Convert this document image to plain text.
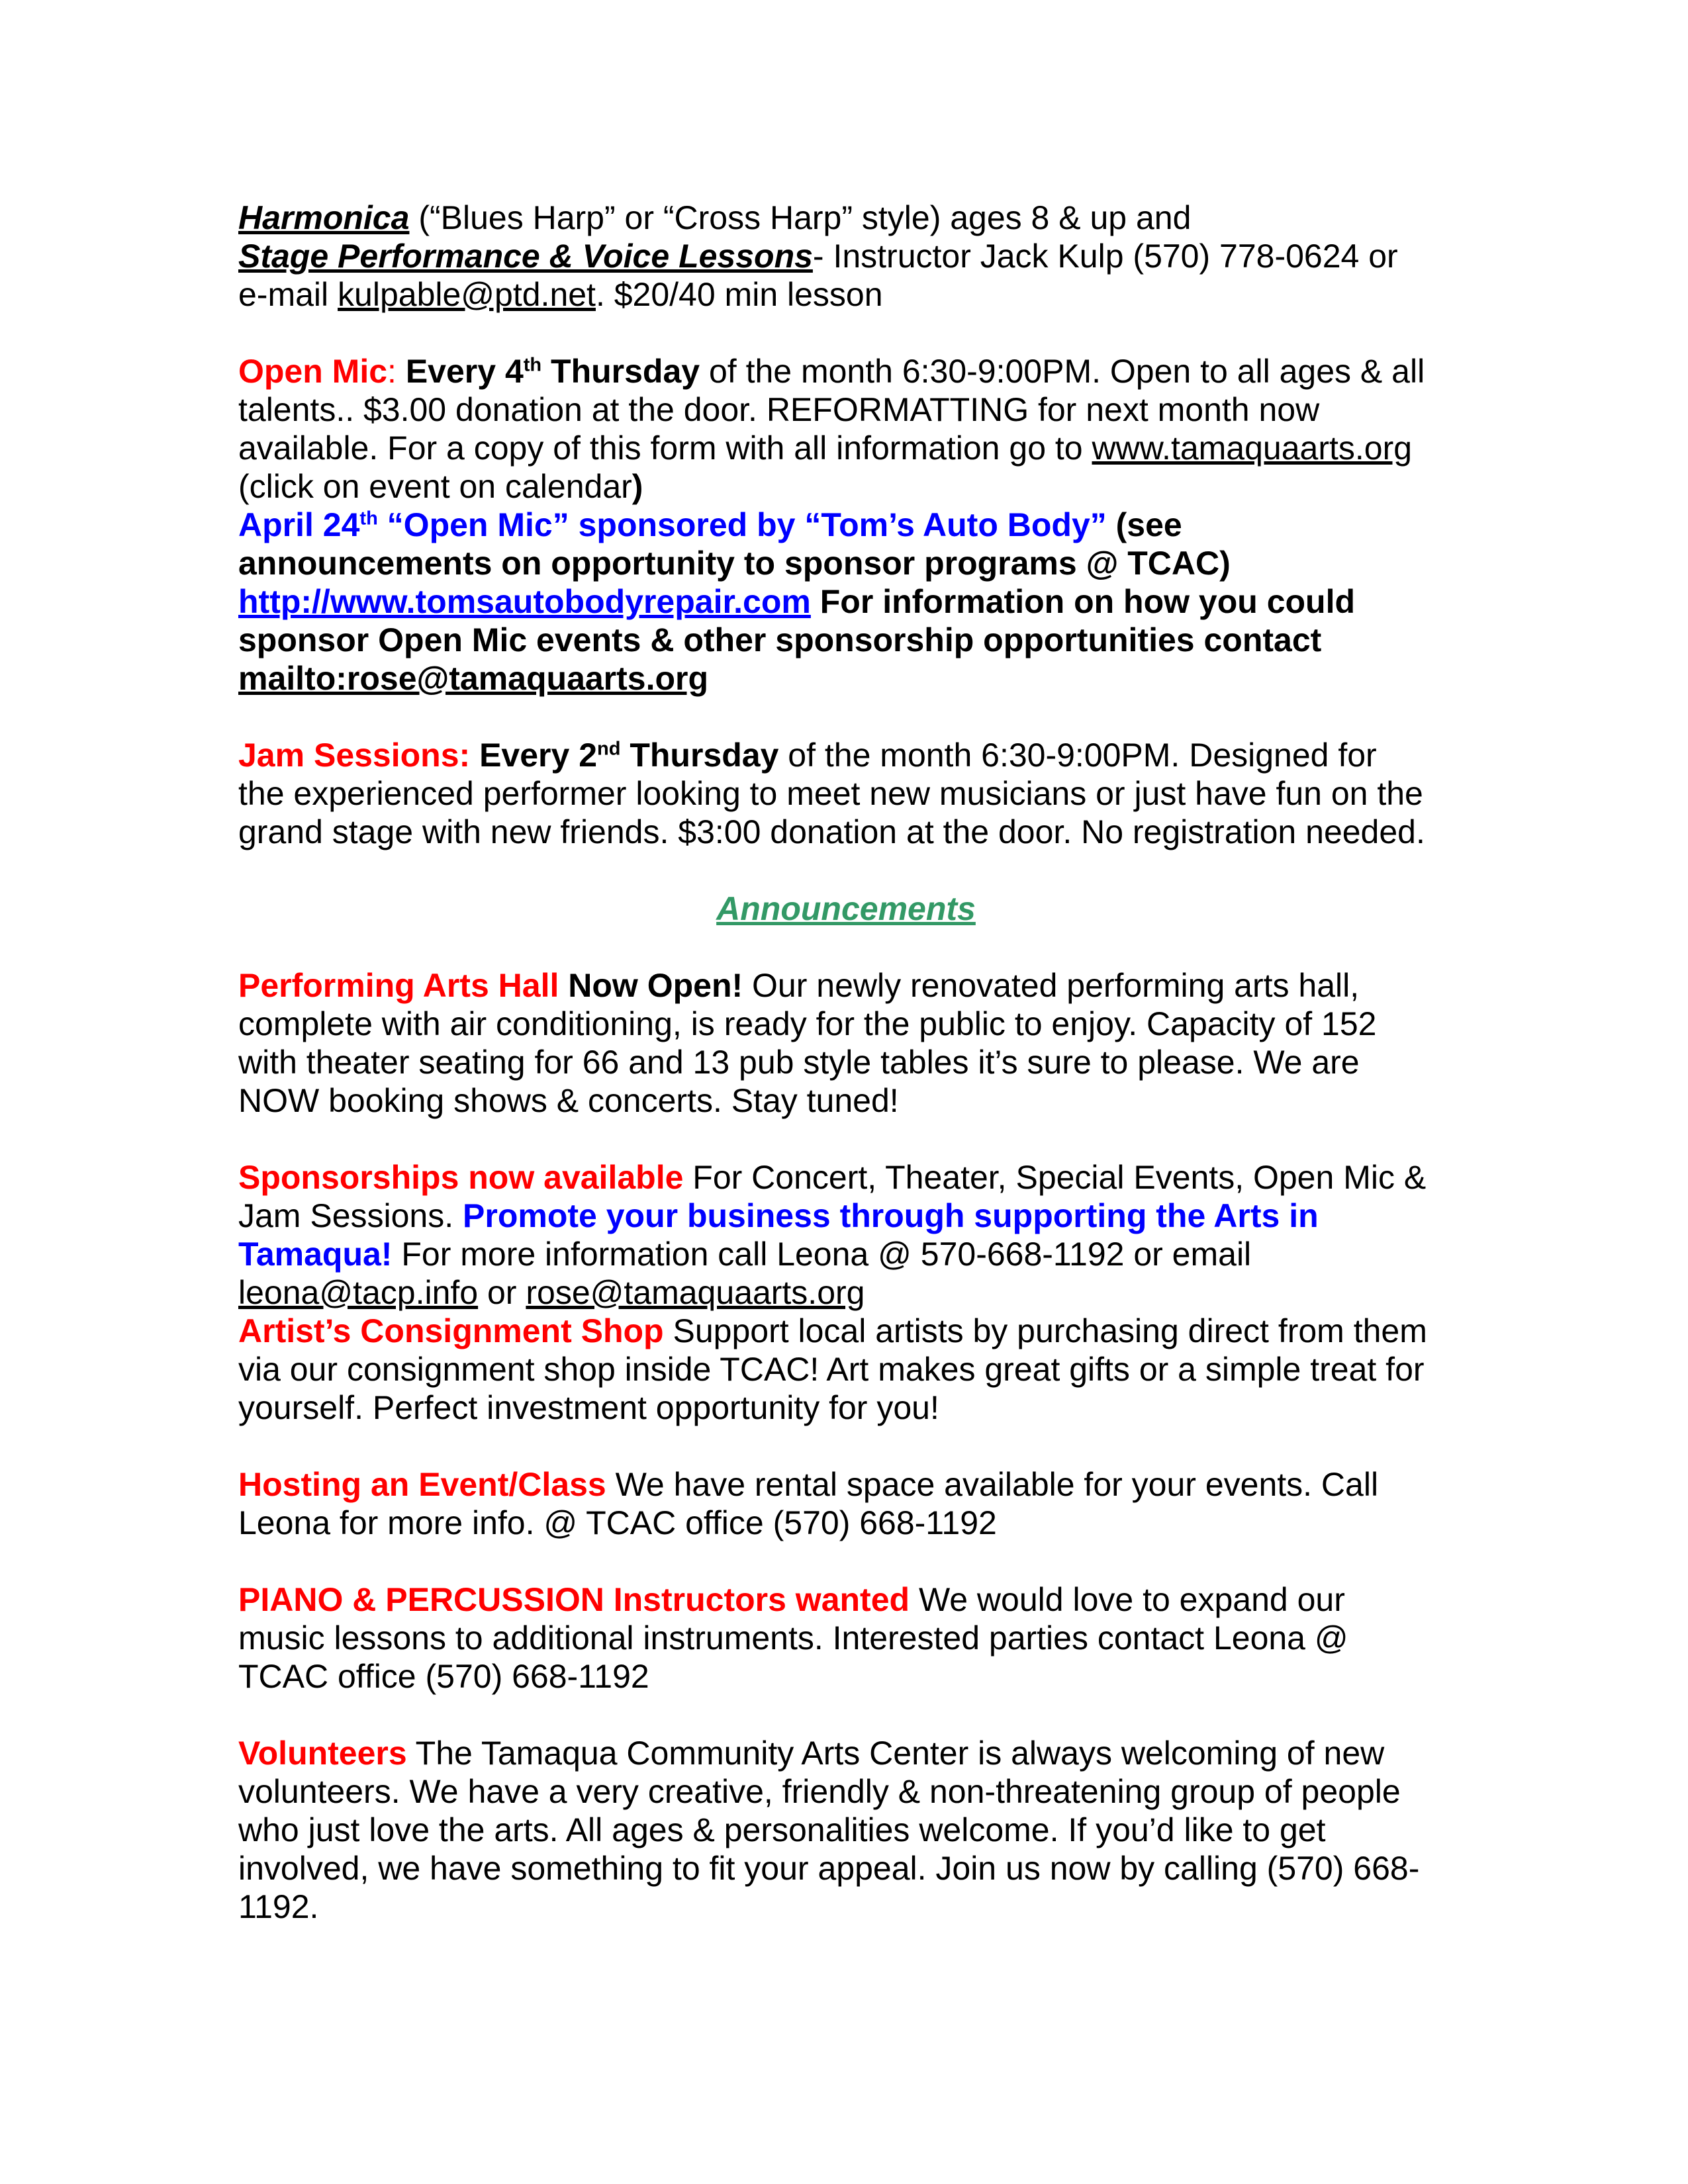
Harmonica (“Blues Harp” or “Cross Harp” style) ages 8 & up and
Stage Performance & Voice Lessons- Instructor Jack Kulp (570) 778-0624 or
e-mail kulpable@ptd.net. $20/40 min lesson
Open Mic: Every 4th Thursday of the month 6:30-9:00PM. Open to all ages & all
talents.. $3.00 donation at the door. REFORMATTING for next month now
available. For a copy of this form with all information go to www.tamaquaarts.org
(click on event on calendar)
April 24th “Open Mic” sponsored by “Tom’s Auto Body” (see
announcements on opportunity to sponsor programs @ TCAC)
http://www.tomsautobodyrepair.com For information on how you could
sponsor Open Mic events & other sponsorship opportunities contact
mailto:rose@tamaquaarts.org
Jam Sessions: Every 2nd Thursday of the month 6:30-9:00PM. Designed for
the experienced performer looking to meet new musicians or just have fun on the
grand stage with new friends. $3:00 donation at the door. No registration needed.
Announcements
Performing Arts Hall Now Open! Our newly renovated performing arts hall,
complete with air conditioning, is ready for the public to enjoy. Capacity of 152
with theater seating for 66 and 13 pub style tables it’s sure to please. We are
NOW booking shows & concerts. Stay tuned!
Sponsorships now available For Concert, Theater, Special Events, Open Mic &
Jam Sessions. Promote your business through supporting the Arts in
Tamaqua! For more information call Leona @ 570-668-1192 or email
leona@tacp.info or rose@tamaquaarts.org
Artist’s Consignment Shop Support local artists by purchasing direct from them
via our consignment shop inside TCAC! Art makes great gifts or a simple treat for
yourself. Perfect investment opportunity for you!
Hosting an Event/Class We have rental space available for your events. Call
Leona for more info. @ TCAC office (570) 668-1192
PIANO & PERCUSSION Instructors wanted We would love to expand our
music lessons to additional instruments. Interested parties contact Leona @
TCAC office (570) 668-1192
Volunteers The Tamaqua Community Arts Center is always welcoming of new
volunteers. We have a very creative, friendly & non-threatening group of people
who just love the arts. All ages & personalities welcome. If you’d like to get
involved, we have something to fit your appeal. Join us now by calling (570) 668-
1192.
